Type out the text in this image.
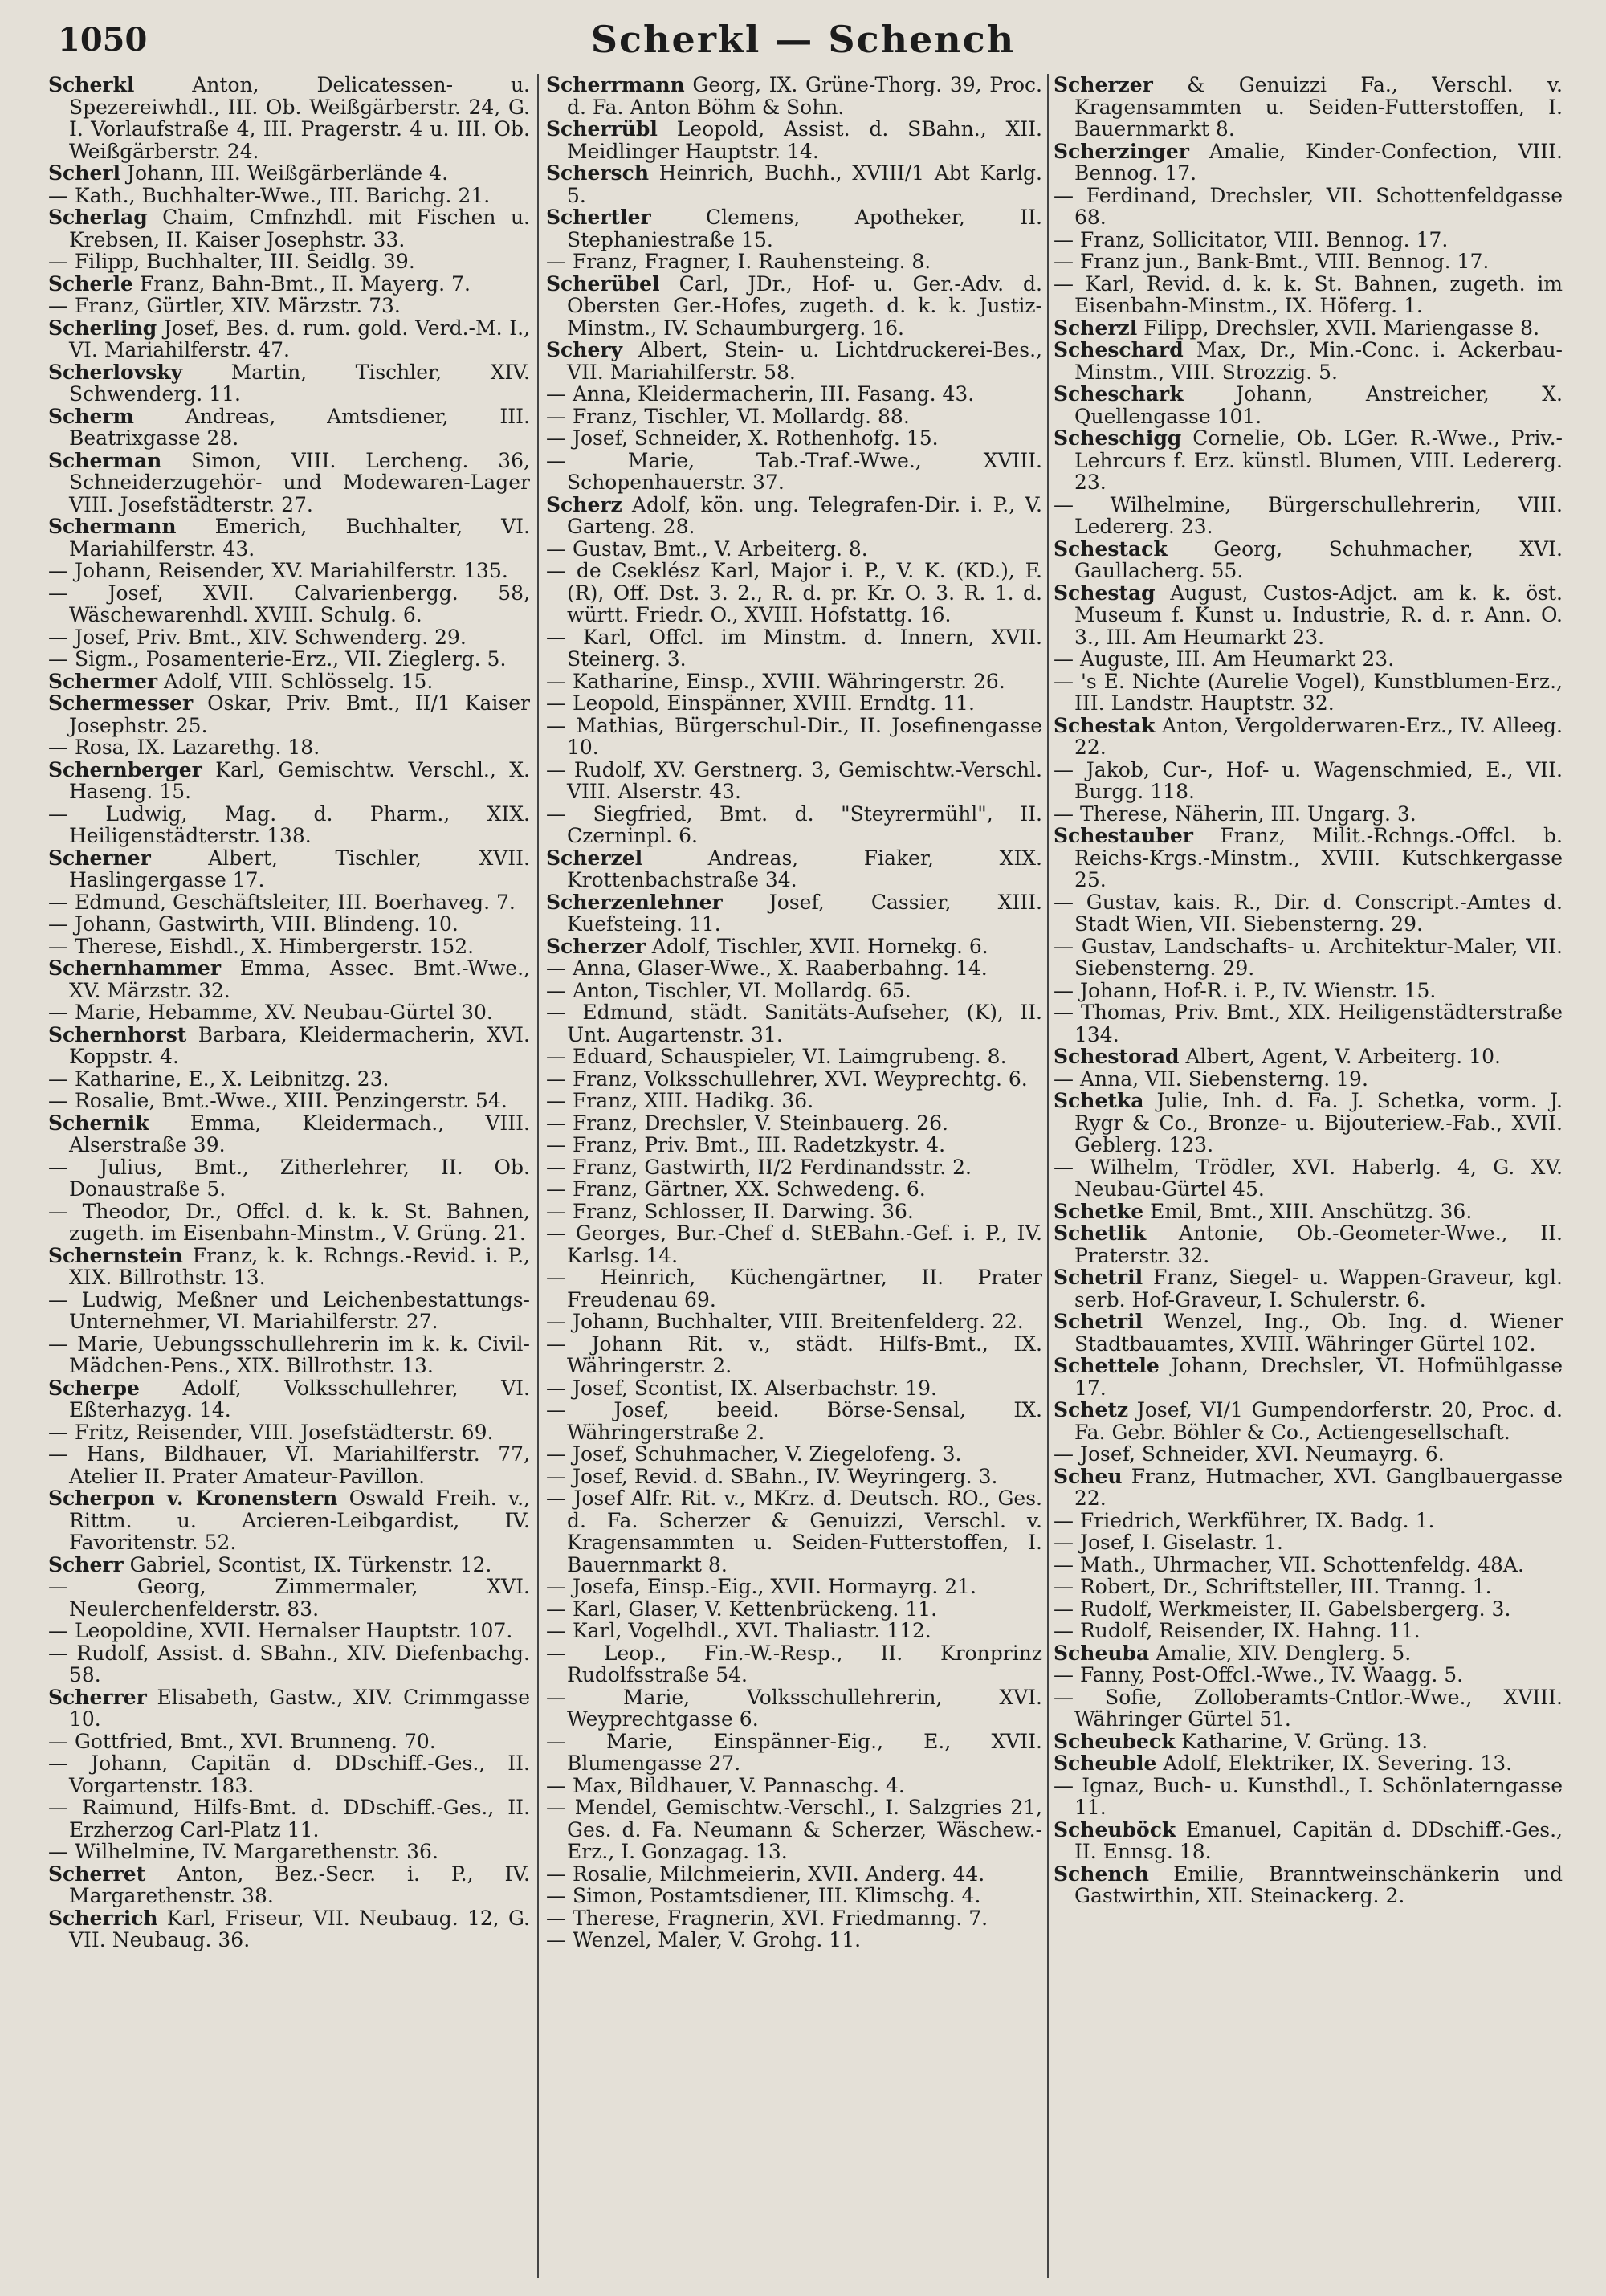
1050	Scherkl — Schench

Scherkl Anton, Delicatessen- u. Spezereiwhdl., III. Ob. Weißgärberstr. 24, G. I. Vorlaufstraße 4, III. Pragerstr. 4 u. III. Ob. Weißgärberstr. 24.

Scherl Johann, III. Weißgärberlände 4.

— Kath., Buchhalter-Wwe., III. Barichg. 21.

Scherlag Chaim, Cmfnzhdl. mit Fischen u. Krebsen, II. Kaiser Josephstr. 33.

— Filipp, Buchhalter, III. Seidlg. 39.

Scherle Franz, Bahn-Bmt., II. Mayerg. 7.

— Franz, Gürtler, XIV. Märzstr. 73.

Scherling Josef, Bes. d. rum. gold. Verd.-M. I., VI. Mariahilferstr. 47.

Scherlovsky Martin, Tischler, XIV. Schwenderg. 11.

Scherm Andreas, Amtsdiener, III. Beatrixgasse 28.

Scherman Simon, VIII. Lercheng. 36, Schneiderzugehör- und Modewaren-Lager VIII. Josefstädterstr. 27.

Schermann Emerich, Buchhalter, VI. Mariahilferstr. 43.

— Johann, Reisender, XV. Mariahilferstr. 135.

— Josef, XVII. Calvarienbergg. 58, Wäschewarenhdl. XVIII. Schulg. 6.

— Josef, Priv. Bmt., XIV. Schwenderg. 29.

— Sigm., Posamenterie-Erz., VII. Zieglerg. 5.

Schermer Adolf, VIII. Schlösselg. 15.

Schermesser Oskar, Priv. Bmt., II/1 Kaiser Josephstr. 25.

— Rosa, IX. Lazarethg. 18.

Schernberger Karl, Gemischtw. Verschl., X. Haseng. 15.

— Ludwig, Mag. d. Pharm., XIX. Heiligenstädterstr. 138.

Scherner Albert, Tischler, XVII. Haslingergasse 17.

— Edmund, Geschäftsleiter, III. Boerhaveg. 7.

— Johann, Gastwirth, VIII. Blindeng. 10.

— Therese, Eishdl., X. Himbergerstr. 152.

Schernhammer Emma, Assec. Bmt.-Wwe., XV. Märzstr. 32.

— Marie, Hebamme, XV. Neubau-Gürtel 30.

Schernhorst Barbara, Kleidermacherin, XVI. Koppstr. 4.

— Katharine, E., X. Leibnitzg. 23.

— Rosalie, Bmt.-Wwe., XIII. Penzingerstr. 54.

Schernik Emma, Kleidermach., VIII. Alserstraße 39.

— Julius, Bmt., Zitherlehrer, II. Ob. Donaustraße 5.

— Theodor, Dr., Offcl. d. k. k. St. Bahnen, zugeth. im Eisenbahn-Minstm., V. Grüng. 21.

Schernstein Franz, k. k. Rchngs.-Revid. i. P., XIX. Billrothstr. 13.

— Ludwig, Meßner und Leichenbestattungs-Unternehmer, VI. Mariahilferstr. 27.

— Marie, Uebungsschullehrerin im k. k. Civil-Mädchen-Pens., XIX. Billrothstr. 13.

Scherpe Adolf, Volksschullehrer, VI. Eßterhazyg. 14.

— Fritz, Reisender, VIII. Josefstädterstr. 69.

— Hans, Bildhauer, VI. Mariahilferstr. 77, Atelier II. Prater Amateur-Pavillon.

Scherpon v. Kronenstern Oswald Freih. v., Rittm. u. Arcieren-Leibgardist, IV. Favoritenstr. 52.

Scherr Gabriel, Scontist, IX. Türkenstr. 12.

— Georg, Zimmermaler, XVI. Neulerchenfelderstr. 83.

— Leopoldine, XVII. Hernalser Hauptstr. 107.

— Rudolf, Assist. d. SBahn., XIV. Diefenbachg. 58.

Scherrer Elisabeth, Gastw., XIV. Crimmgasse 10.

— Gottfried, Bmt., XVI. Brunneng. 70.

— Johann, Capitän d. DDschiff.-Ges., II. Vorgartenstr. 183.

— Raimund, Hilfs-Bmt. d. DDschiff.-Ges., II. Erzherzog Carl-Platz 11.

— Wilhelmine, IV. Margarethenstr. 36.

Scherret Anton, Bez.-Secr. i. P., IV. Margarethenstr. 38.

Scherrich Karl, Friseur, VII. Neubaug. 12, G. VII. Neubaug. 36.

Scherrmann Georg, IX. Grüne-Thorg. 39, Proc. d. Fa. Anton Böhm & Sohn.

Scherrübl Leopold, Assist. d. SBahn., XII. Meidlinger Hauptstr. 14.

Schersch Heinrich, Buchh., XVIII/1 Abt Karlg. 5.

Schertler Clemens, Apotheker, II. Stephaniestraße 15.

— Franz, Fragner, I. Rauhensteing. 8.

Scherübel Carl, JDr., Hof- u. Ger.-Adv. d. Obersten Ger.-Hofes, zugeth. d. k. k. Justiz-Minstm., IV. Schaumburgerg. 16.

Schery Albert, Stein- u. Lichtdruckerei-Bes., VII. Mariahilferstr. 58.

— Anna, Kleidermacherin, III. Fasang. 43.

— Franz, Tischler, VI. Mollardg. 88.

— Josef, Schneider, X. Rothenhofg. 15.

— Marie, Tab.-Traf.-Wwe., XVIII. Schopenhauerstr. 37.

Scherz Adolf, kön. ung. Telegrafen-Dir. i. P., V. Garteng. 28.

— Gustav, Bmt., V. Arbeiterg. 8.

— de Cseklész Karl, Major i. P., V. K. (KD.), F. (R), Off. Dst. 3. 2., R. d. pr. Kr. O. 3. R. 1. d. württ. Friedr. O., XVIII. Hofstattg. 16.

— Karl, Offcl. im Minstm. d. Innern, XVII. Steinerg. 3.

— Katharine, Einsp., XVIII. Währingerstr. 26.

— Leopold, Einspänner, XVIII. Erndtg. 11.

— Mathias, Bürgerschul-Dir., II. Josefinengasse 10.

— Rudolf, XV. Gerstnerg. 3, Gemischtw.-Verschl. VIII. Alserstr. 43.

— Siegfried, Bmt. d. "Steyrermühl", II. Czerninpl. 6.

Scherzel Andreas, Fiaker, XIX. Krottenbachstraße 34.

Scherzenlehner Josef, Cassier, XIII. Kuefsteing. 11.

Scherzer Adolf, Tischler, XVII. Hornekg. 6.

— Anna, Glaser-Wwe., X. Raaberbahng. 14.

— Anton, Tischler, VI. Mollardg. 65.

— Edmund, städt. Sanitäts-Aufseher, (K), II. Unt. Augartenstr. 31.

— Eduard, Schauspieler, VI. Laimgrubeng. 8.

— Franz, Volksschullehrer, XVI. Weyprechtg. 6.

— Franz, XIII. Hadikg. 36.

— Franz, Drechsler, V. Steinbauerg. 26.

— Franz, Priv. Bmt., III. Radetzkystr. 4.

— Franz, Gastwirth, II/2 Ferdinandsstr. 2.

— Franz, Gärtner, XX. Schwedeng. 6.

— Franz, Schlosser, II. Darwing. 36.

— Georges, Bur.-Chef d. StEBahn.-Gef. i. P., IV. Karlsg. 14.

— Heinrich, Küchengärtner, II. Prater Freudenau 69.

— Johann, Buchhalter, VIII. Breitenfelderg. 22.

— Johann Rit. v., städt. Hilfs-Bmt., IX. Währingerstr. 2.

— Josef, Scontist, IX. Alserbachstr. 19.

— Josef, beeid. Börse-Sensal, IX. Währingerstraße 2.

— Josef, Schuhmacher, V. Ziegelofeng. 3.

— Josef, Revid. d. SBahn., IV. Weyringerg. 3.

— Josef Alfr. Rit. v., MKrz. d. Deutsch. RO., Ges. d. Fa. Scherzer & Genuizzi, Verschl. v. Kragensammten u. Seiden-Futterstoffen, I. Bauernmarkt 8.

— Josefa, Einsp.-Eig., XVII. Hormayrg. 21.

— Karl, Glaser, V. Kettenbrückeng. 11.

— Karl, Vogelhdl., XVI. Thaliastr. 112.

— Leop., Fin.-W.-Resp., II. Kronprinz Rudolfsstraße 54.

— Marie, Volksschullehrerin, XVI. Weyprechtgasse 6.

— Marie, Einspänner-Eig., E., XVII. Blumengasse 27.

— Max, Bildhauer, V. Pannaschg. 4.

— Mendel, Gemischtw.-Verschl., I. Salzgries 21, Ges. d. Fa. Neumann & Scherzer, Wäschew.-Erz., I. Gonzagag. 13.

— Rosalie, Milchmeierin, XVII. Anderg. 44.

— Simon, Postamtsdiener, III. Klimschg. 4.

— Therese, Fragnerin, XVI. Friedmanng. 7.

— Wenzel, Maler, V. Grohg. 11.

Scherzer & Genuizzi Fa., Verschl. v. Kragensammten u. Seiden-Futterstoffen, I. Bauernmarkt 8.

Scherzinger Amalie, Kinder-Confection, VIII. Bennog. 17.

— Ferdinand, Drechsler, VII. Schottenfeldgasse 68.

— Franz, Sollicitator, VIII. Bennog. 17.

— Franz jun., Bank-Bmt., VIII. Bennog. 17.

— Karl, Revid. d. k. k. St. Bahnen, zugeth. im Eisenbahn-Minstm., IX. Höferg. 1.

Scherzl Filipp, Drechsler, XVII. Mariengasse 8.

Scheschard Max, Dr., Min.-Conc. i. Ackerbau-Minstm., VIII. Strozzig. 5.

Scheschark Johann, Anstreicher, X. Quellengasse 101.

Scheschigg Cornelie, Ob. LGer. R.-Wwe., Priv.-Lehrcurs f. Erz. künstl. Blumen, VIII. Ledererg. 23.

— Wilhelmine, Bürgerschullehrerin, VIII. Ledererg. 23.

Schestack Georg, Schuhmacher, XVI. Gaullacherg. 55.

Schestag August, Custos-Adjct. am k. k. öst. Museum f. Kunst u. Industrie, R. d. r. Ann. O. 3., III. Am Heumarkt 23.

— Auguste, III. Am Heumarkt 23.

— 's E. Nichte (Aurelie Vogel), Kunstblumen-Erz., III. Landstr. Hauptstr. 32.

Schestak Anton, Vergolderwaren-Erz., IV. Alleeg. 22.

— Jakob, Cur-, Hof- u. Wagenschmied, E., VII. Burgg. 118.

— Therese, Näherin, III. Ungarg. 3.

Schestauber Franz, Milit.-Rchngs.-Offcl. b. Reichs-Krgs.-Minstm., XVIII. Kutschkergasse 25.

— Gustav, kais. R., Dir. d. Conscript.-Amtes d. Stadt Wien, VII. Siebensterng. 29.

— Gustav, Landschafts- u. Architektur-Maler, VII. Siebensterng. 29.

— Johann, Hof-R. i. P., IV. Wienstr. 15.

— Thomas, Priv. Bmt., XIX. Heiligenstädterstraße 134.

Schestorad Albert, Agent, V. Arbeiterg. 10.

— Anna, VII. Siebensterng. 19.

Schetka Julie, Inh. d. Fa. J. Schetka, vorm. J. Rygr & Co., Bronze- u. Bijouteriew.-Fab., XVII. Geblerg. 123.

— Wilhelm, Trödler, XVI. Haberlg. 4, G. XV. Neubau-Gürtel 45.

Schetke Emil, Bmt., XIII. Anschützg. 36.

Schetlik Antonie, Ob.-Geometer-Wwe., II. Praterstr. 32.

Schetril Franz, Siegel- u. Wappen-Graveur, kgl. serb. Hof-Graveur, I. Schulerstr. 6.

Schetril Wenzel, Ing., Ob. Ing. d. Wiener Stadtbauamtes, XVIII. Währinger Gürtel 102.

Schettele Johann, Drechsler, VI. Hofmühlgasse 17.

Schetz Josef, VI/1 Gumpendorferstr. 20, Proc. d. Fa. Gebr. Böhler & Co., Actiengesellschaft.

— Josef, Schneider, XVI. Neumayrg. 6.

Scheu Franz, Hutmacher, XVI. Ganglbauergasse 22.

— Friedrich, Werkführer, IX. Badg. 1.

— Josef, I. Giselastr. 1.

— Math., Uhrmacher, VII. Schottenfeldg. 48A.

— Robert, Dr., Schriftsteller, III. Tranng. 1.

— Rudolf, Werkmeister, II. Gabelsbergerg. 3.

— Rudolf, Reisender, IX. Hahng. 11.

Scheuba Amalie, XIV. Denglerg. 5.

— Fanny, Post-Offcl.-Wwe., IV. Waagg. 5.

— Sofie, Zolloberamts-Cntlor.-Wwe., XVIII. Währinger Gürtel 51.

Scheubeck Katharine, V. Grüng. 13.

Scheuble Adolf, Elektriker, IX. Severing. 13.

— Ignaz, Buch- u. Kunsthdl., I. Schönlaterngasse 11.

Scheuböck Emanuel, Capitän d. DDschiff.-Ges., II. Ennsg. 18.

Schench Emilie, Branntweinschänkerin und Gastwirthin, XII. Steinackerg. 2.
